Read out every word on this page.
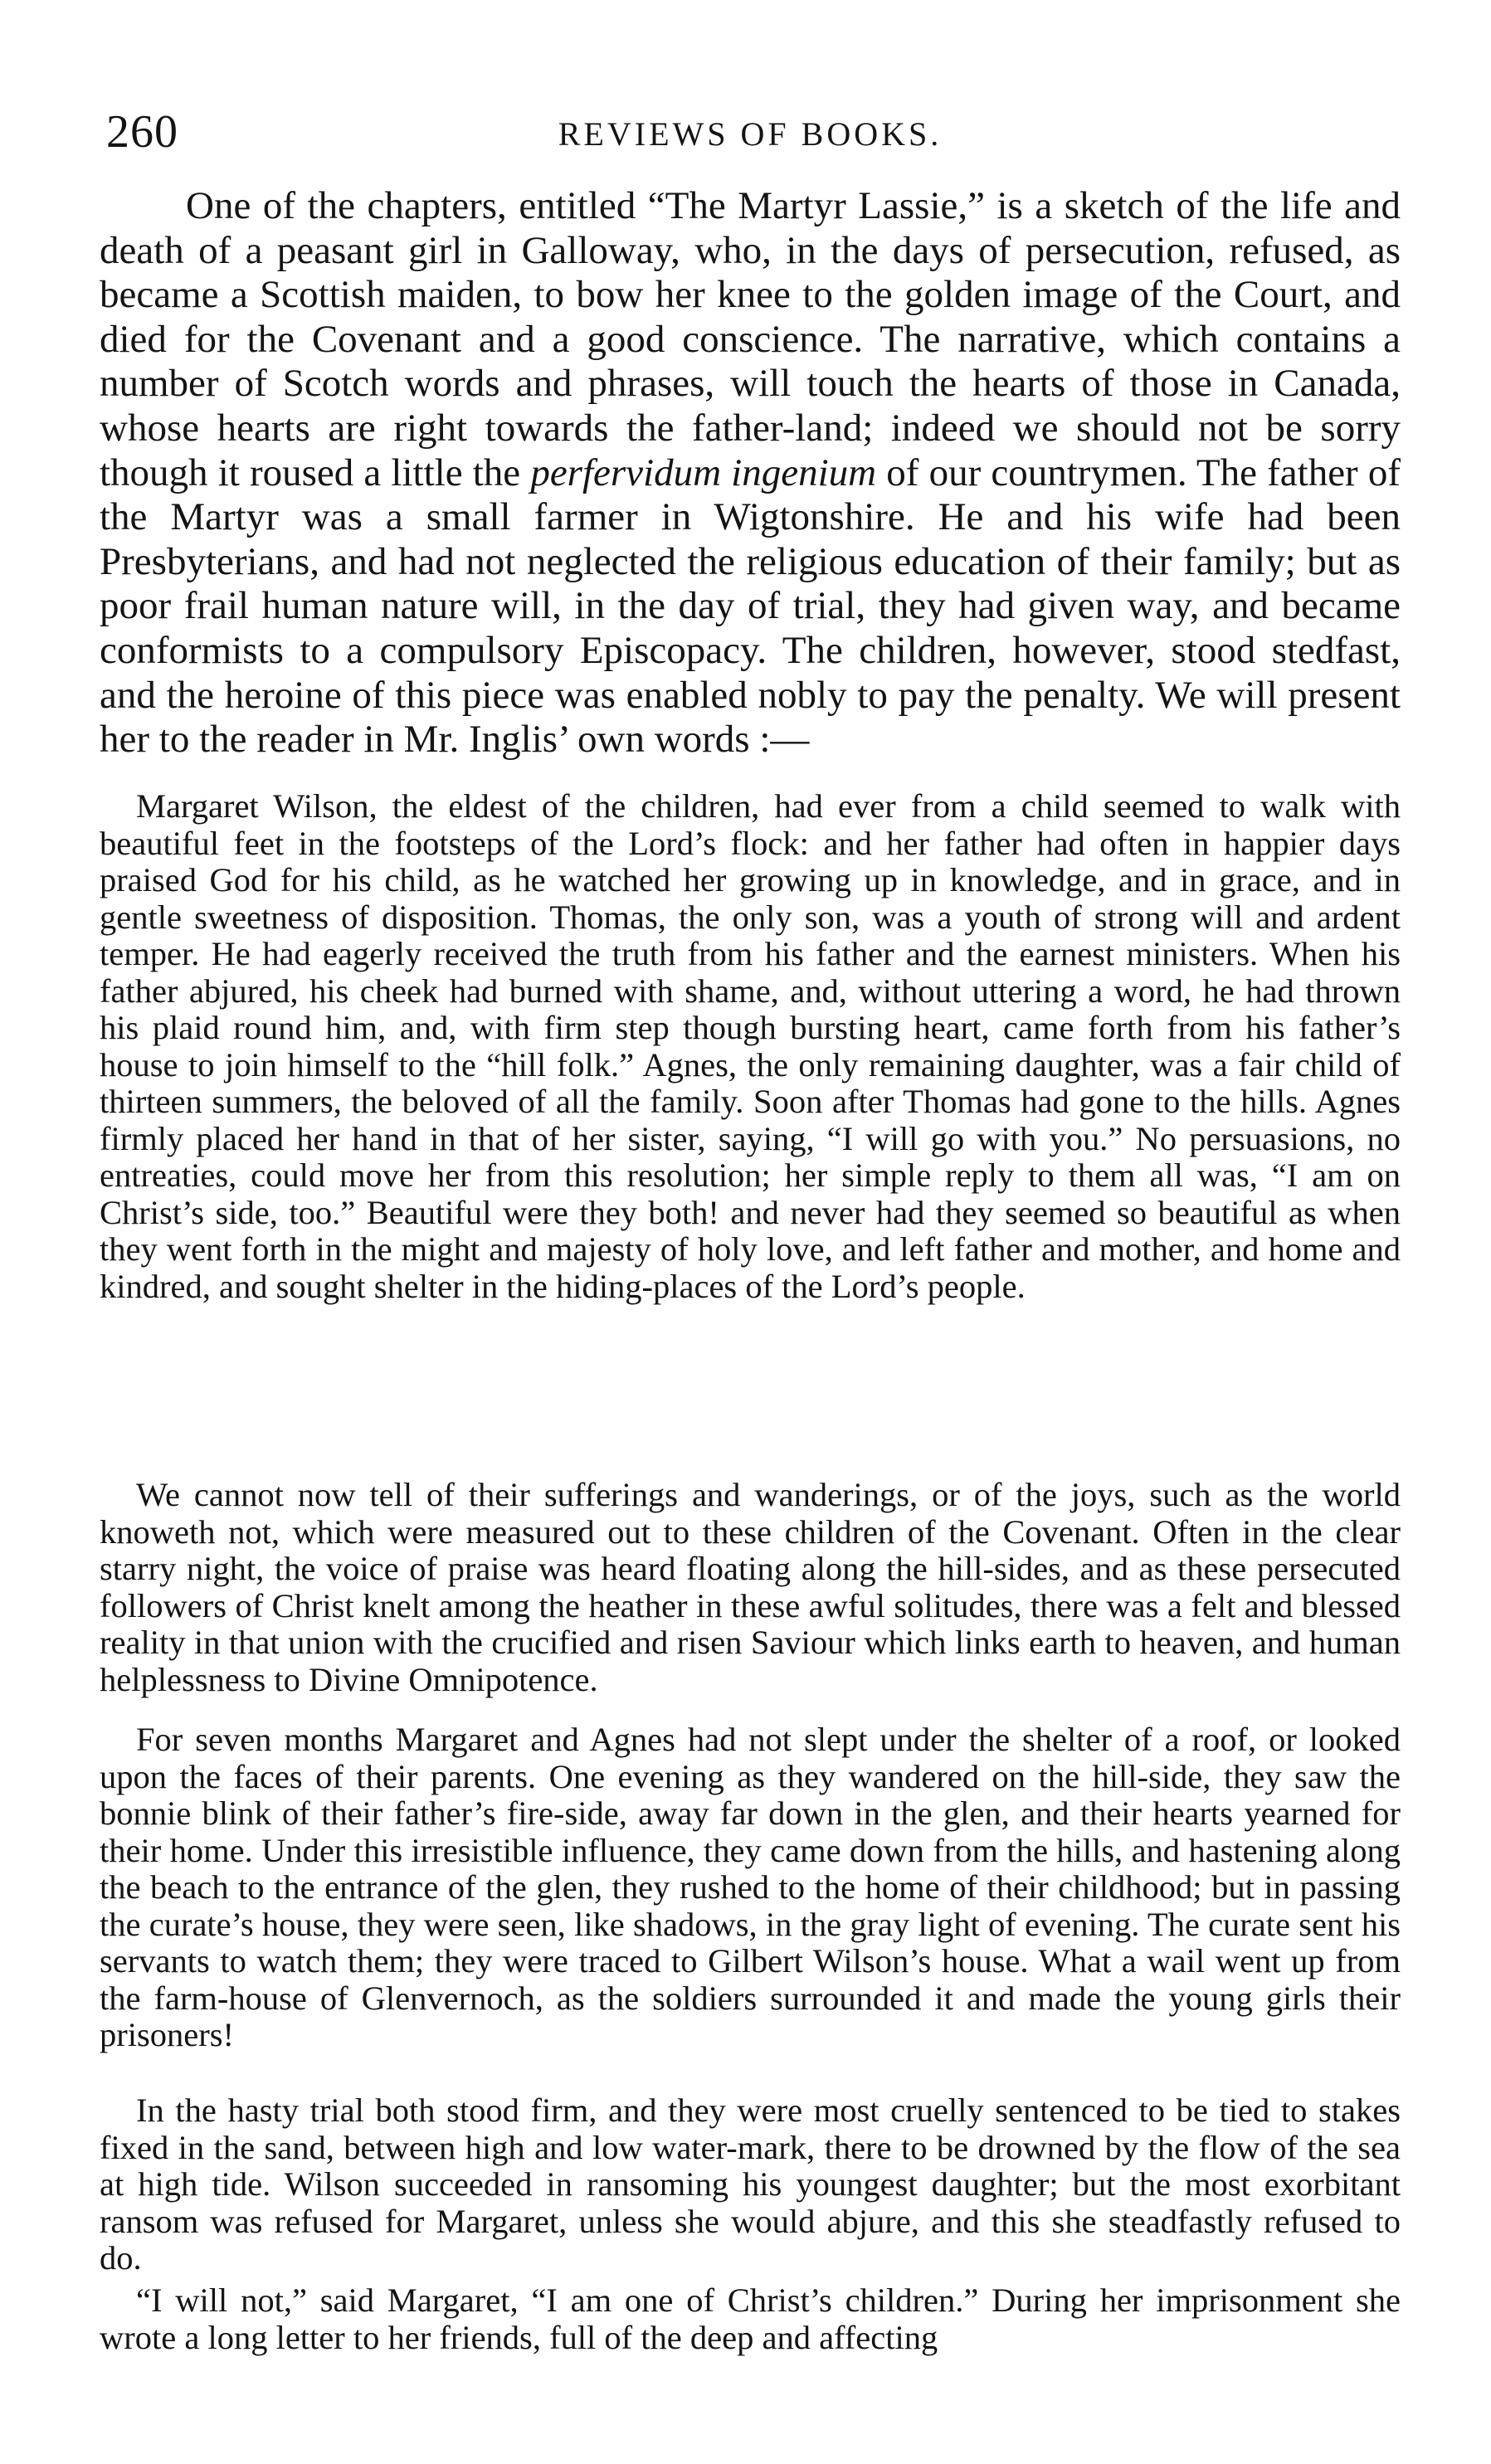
260	REVIEWS OF BOOKS.

One of the chapters, entitled “The Martyr Lassie,” is a sketch of the life and death of a peasant girl in Galloway, who, in the days of persecution, refused, as became a Scottish maiden, to bow her knee to the golden image of the Court, and died for the Covenant and a good conscience. The narrative, which contains a number of Scotch words and phrases, will touch the hearts of those in Canada, whose hearts are right towards the father-land; indeed we should not be sorry though it roused a little the perfervidum ingenium of our countrymen. The father of the Martyr was a small farmer in Wigtonshire. He and his wife had been Presbyterians, and had not neglected the religious education of their family; but as poor frail human nature will, in the day of trial, they had given way, and became conformists to a compulsory Episcopacy. The children, however, stood stedfast, and the heroine of this piece was enabled nobly to pay the penalty. We will present her to the reader in Mr. Inglis’ own words :—

Margaret Wilson, the eldest of the children, had ever from a child seemed to walk with beautiful feet in the footsteps of the Lord’s flock: and her father had often in happier days praised God for his child, as he watched her growing up in knowledge, and in grace, and in gentle sweetness of disposition. Thomas, the only son, was a youth of strong will and ardent temper. He had eagerly received the truth from his father and the earnest ministers. When his father abjured, his cheek had burned with shame, and, without uttering a word, he had thrown his plaid round him, and, with firm step though bursting heart, came forth from his father’s house to join himself to the “hill folk.” Agnes, the only remaining daughter, was a fair child of thirteen summers, the beloved of all the family. Soon after Thomas had gone to the hills. Agnes firmly placed her hand in that of her sister, saying, “I will go with you.” No persuasions, no entreaties, could move her from this resolution; her simple reply to them all was, “I am on Christ’s side, too.” Beautiful were they both! and never had they seemed so beautiful as when they went forth in the might and majesty of holy love, and left father and mother, and home and kindred, and sought shelter in the hiding-places of the Lord’s people.

We cannot now tell of their sufferings and wanderings, or of the joys, such as the world knoweth not, which were measured out to these children of the Covenant. Often in the clear starry night, the voice of praise was heard floating along the hill-sides, and as these persecuted followers of Christ knelt among the heather in these awful solitudes, there was a felt and blessed reality in that union with the crucified and risen Saviour which links earth to heaven, and human helplessness to Divine Omnipotence.

For seven months Margaret and Agnes had not slept under the shelter of a roof, or looked upon the faces of their parents. One evening as they wandered on the hill-side, they saw the bonnie blink of their father’s fire-side, away far down in the glen, and their hearts yearned for their home. Under this irresistible influence, they came down from the hills, and hastening along the beach to the entrance of the glen, they rushed to the home of their childhood; but in passing the curate’s house, they were seen, like shadows, in the gray light of evening. The curate sent his servants to watch them; they were traced to Gilbert Wilson’s house. What a wail went up from the farm-house of Glenvernoch, as the soldiers surrounded it and made the young girls their prisoners!

In the hasty trial both stood firm, and they were most cruelly sentenced to be tied to stakes fixed in the sand, between high and low water-mark, there to be drowned by the flow of the sea at high tide. Wilson succeeded in ransoming his youngest daughter; but the most exorbitant ransom was refused for Margaret, unless she would abjure, and this she steadfastly refused to do.

“I will not,” said Margaret, “I am one of Christ’s children.” During her imprisonment she wrote a long letter to her friends, full of the deep and affecting
